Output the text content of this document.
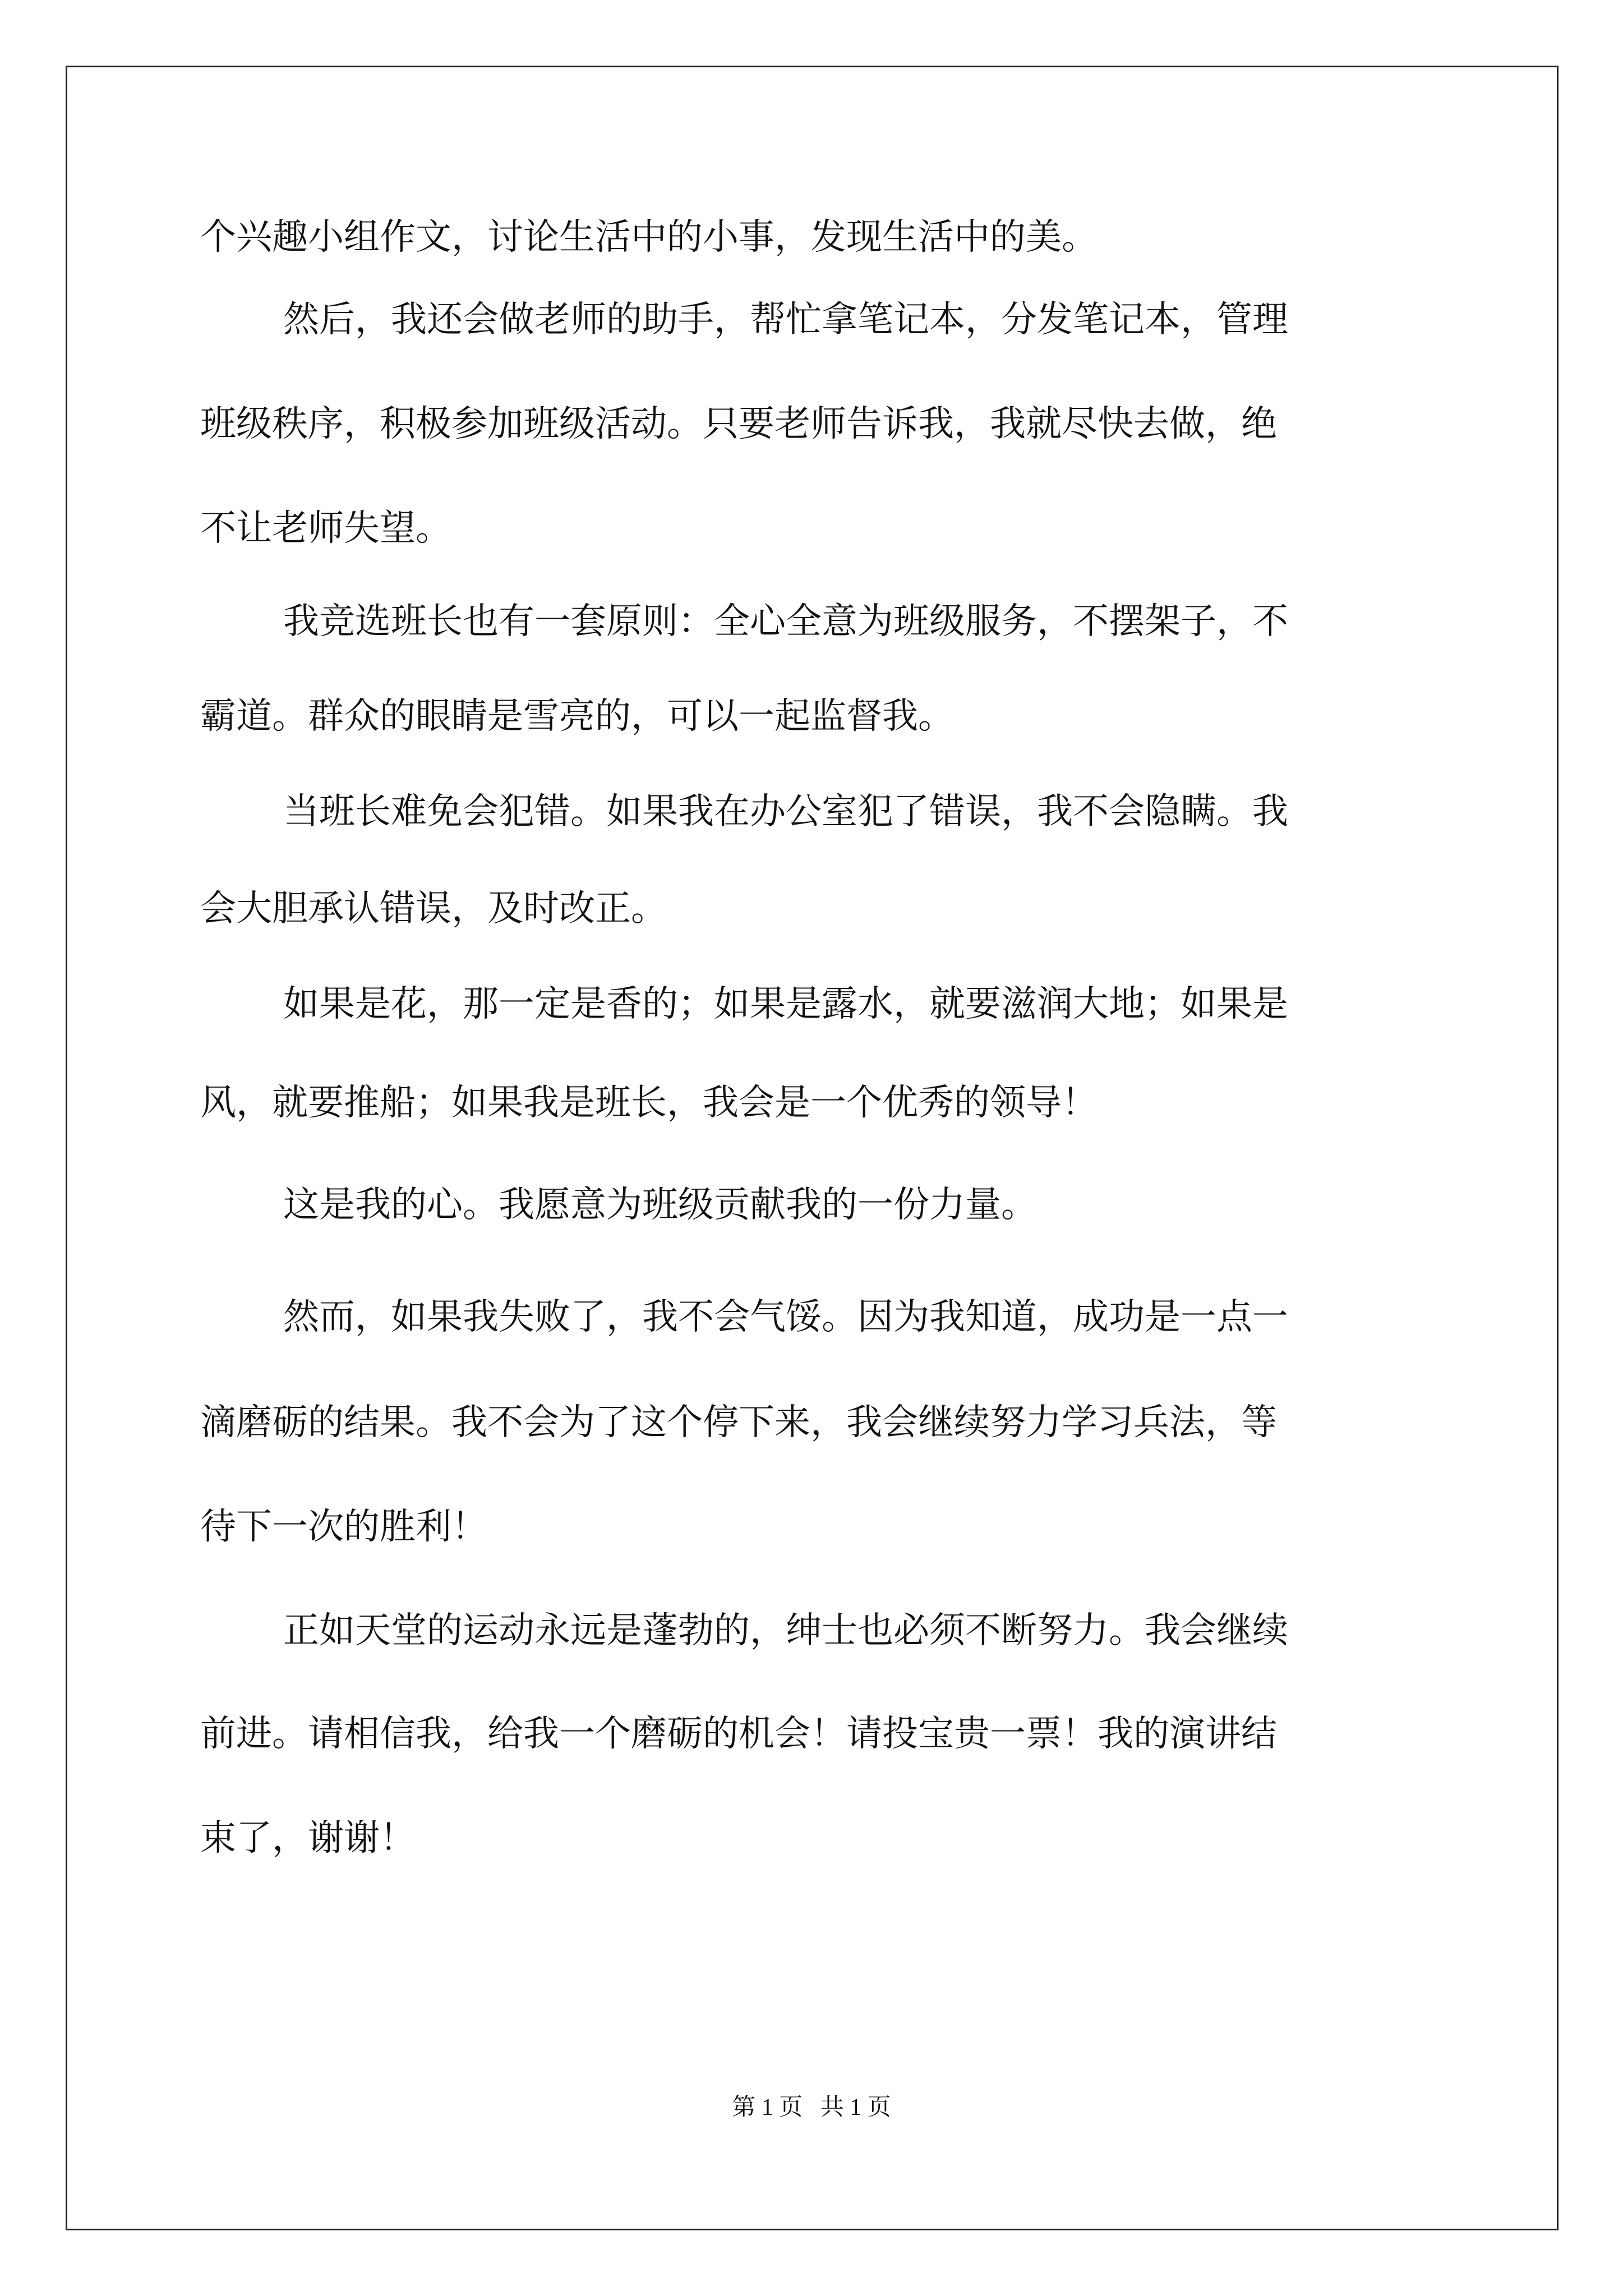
个兴趣小组作文，讨论生活中的小事，发现生活中的美。
然后，我还会做老师的助手，帮忙拿笔记本，分发笔记本，管理
班级秩序，积极参加班级活动。只要老师告诉我，我就尽快去做，绝
不让老师失望。
我竞选班长也有一套原则：全心全意为班级服务，不摆架子，不
霸道。群众的眼睛是雪亮的，可以一起监督我。
当班长难免会犯错。如果我在办公室犯了错误，我不会隐瞒。我
会大胆承认错误，及时改正。
如果是花，那一定是香的；如果是露水，就要滋润大地；如果是
风，就要推船；如果我是班长，我会是一个优秀的领导！
这是我的心。我愿意为班级贡献我的一份力量。
然而，如果我失败了，我不会气馁。因为我知道，成功是一点一
滴磨砺的结果。我不会为了这个停下来，我会继续努力学习兵法，等
待下一次的胜利！
正如天堂的运动永远是蓬勃的，绅士也必须不断努力。我会继续
前进。请相信我，给我一个磨砺的机会！请投宝贵一票！我的演讲结
束了，谢谢！
第 1 页   共 1 页
